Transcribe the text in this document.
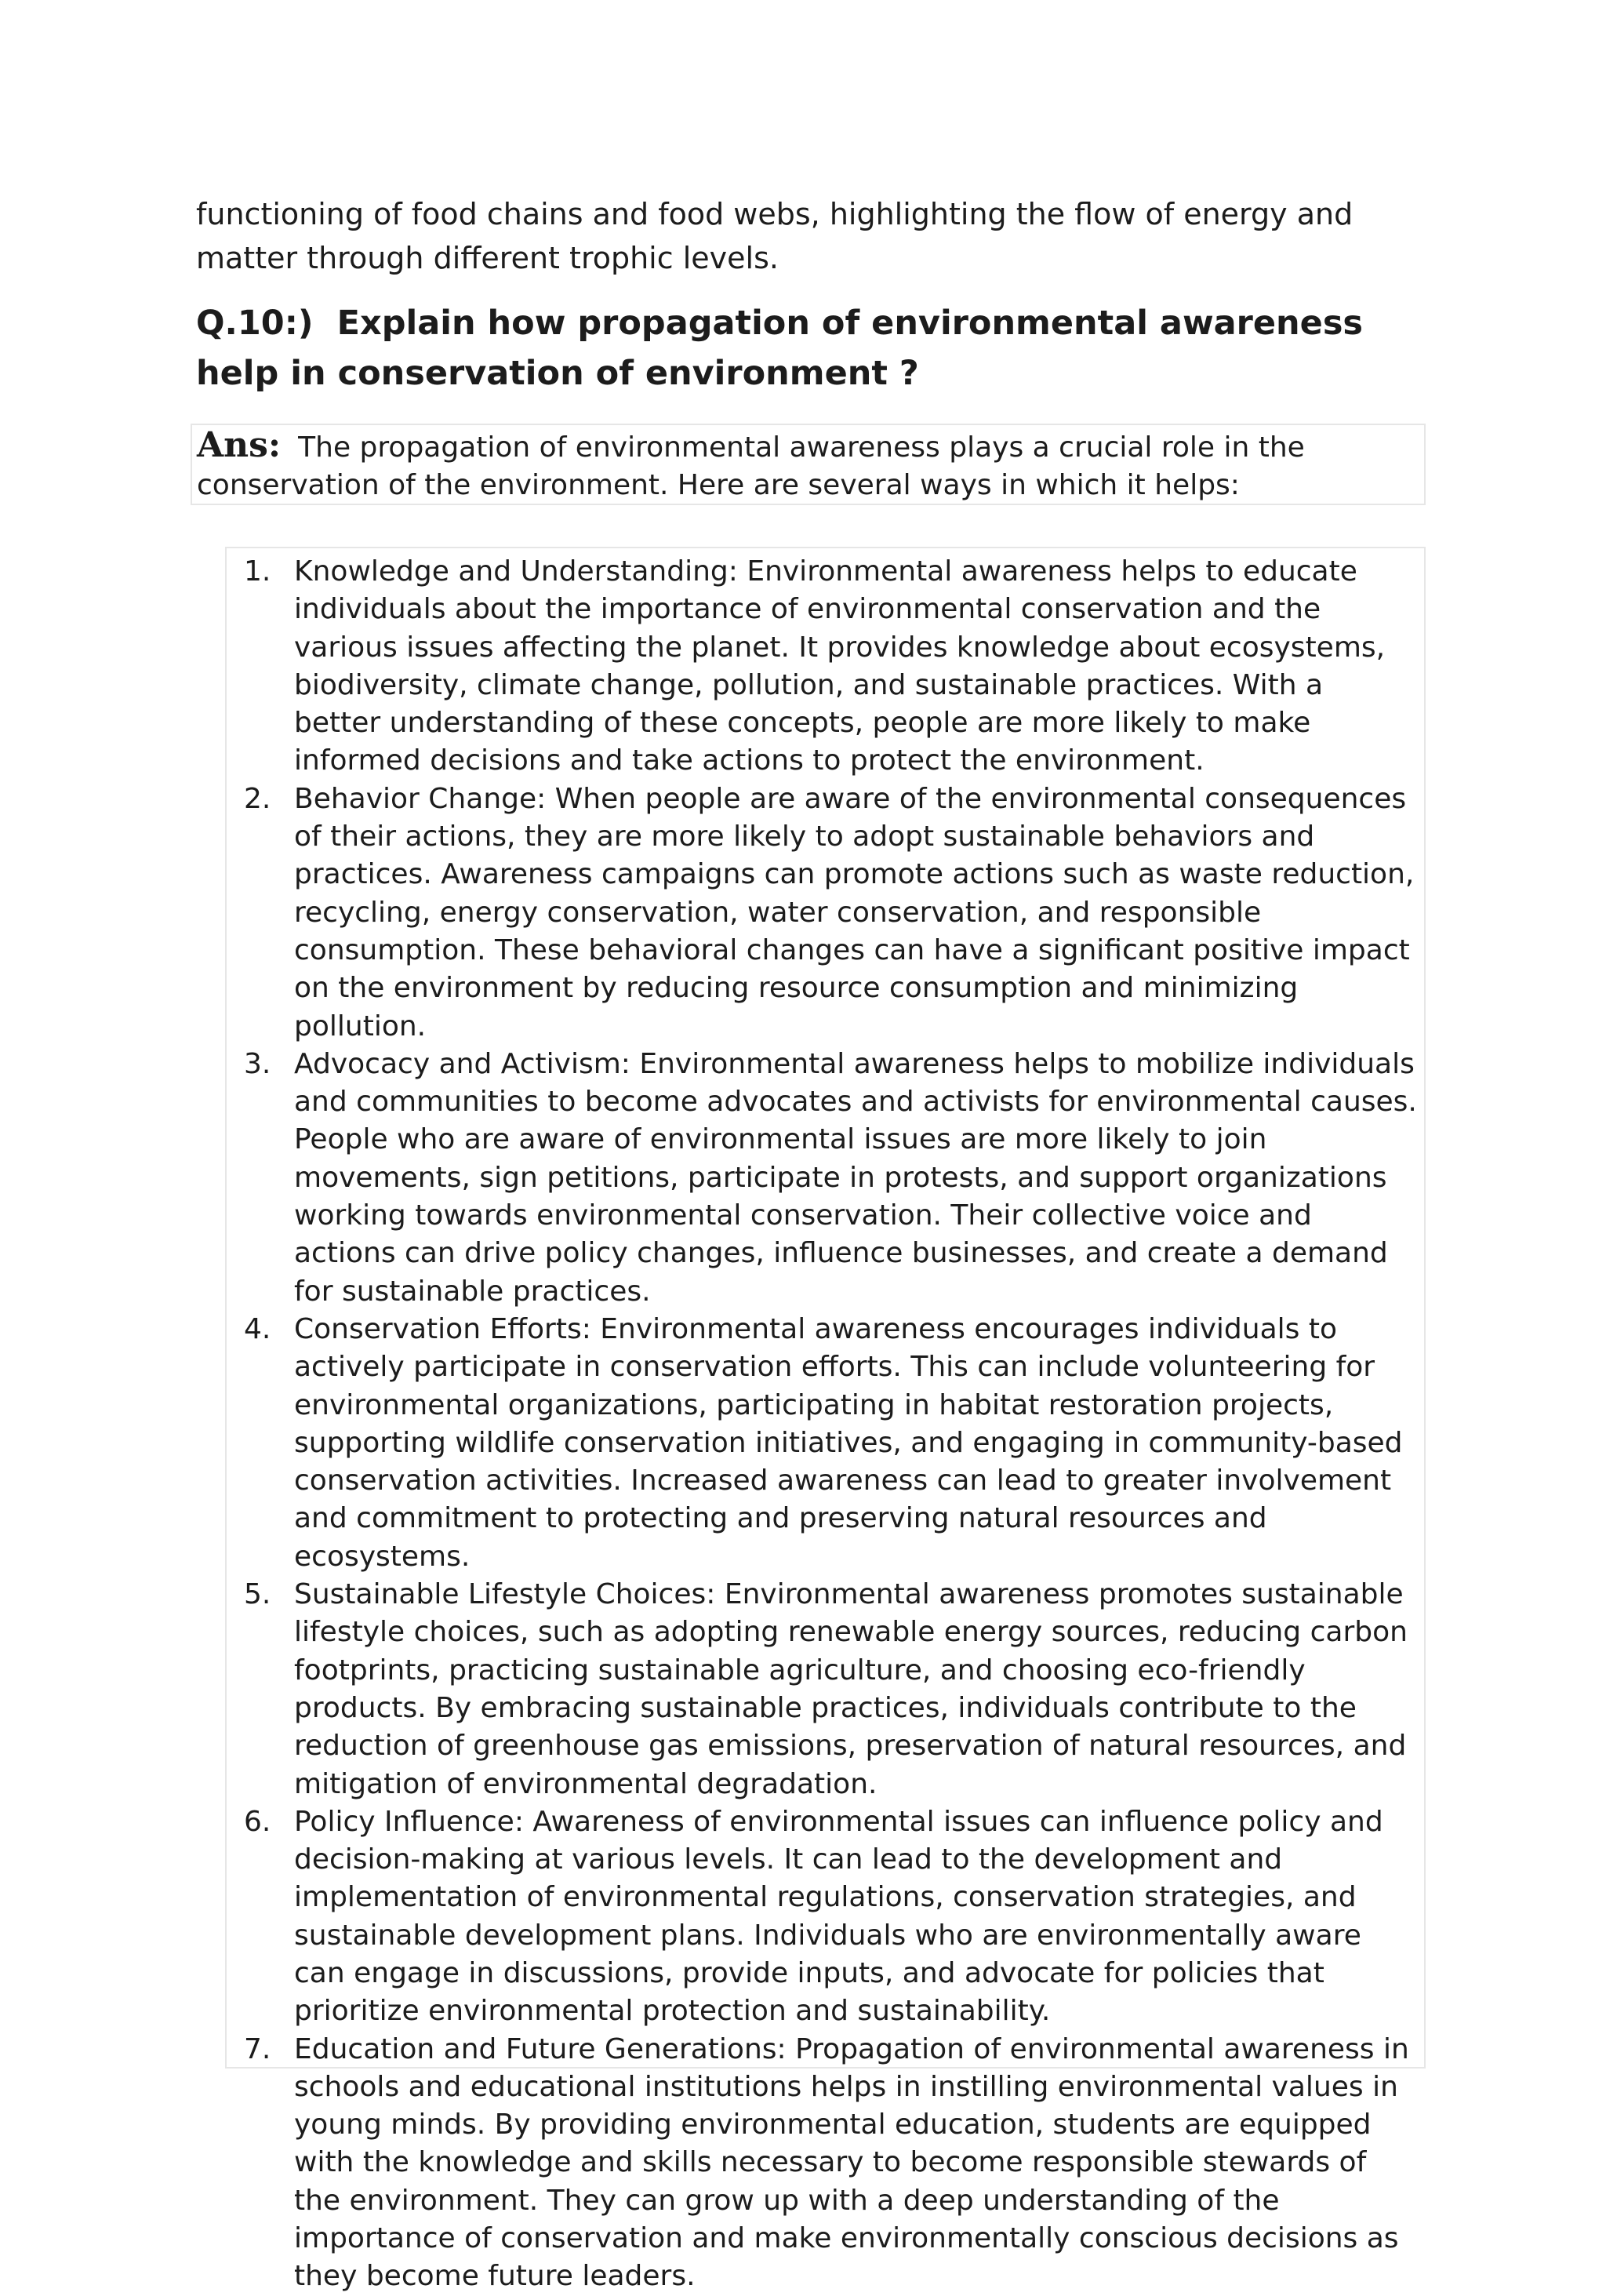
functioning of food chains and food webs, highlighting the flow of energy and matter through different trophic levels.

Q.10:) Explain how propagation of environmental awareness help in conservation of environment ?
Ans: The propagation of environmental awareness plays a crucial role in the conservation of the environment. Here are several ways in which it helps:
1. Knowledge and Understanding: Environmental awareness helps to educate individuals about the importance of environmental conservation and the various issues affecting the planet. It provides knowledge about ecosystems, biodiversity, climate change, pollution, and sustainable practices. With a better understanding of these concepts, people are more likely to make informed decisions and take actions to protect the environment.
2. Behavior Change: When people are aware of the environmental consequences of their actions, they are more likely to adopt sustainable behaviors and practices. Awareness campaigns can promote actions such as waste reduction, recycling, energy conservation, water conservation, and responsible consumption. These behavioral changes can have a significant positive impact on the environment by reducing resource consumption and minimizing pollution.
3. Advocacy and Activism: Environmental awareness helps to mobilize individuals and communities to become advocates and activists for environmental causes. People who are aware of environmental issues are more likely to join movements, sign petitions, participate in protests, and support organizations working towards environmental conservation. Their collective voice and actions can drive policy changes, influence businesses, and create a demand for sustainable practices.
4. Conservation Efforts: Environmental awareness encourages individuals to actively participate in conservation efforts. This can include volunteering for environmental organizations, participating in habitat restoration projects, supporting wildlife conservation initiatives, and engaging in community-based conservation activities. Increased awareness can lead to greater involvement and commitment to protecting and preserving natural resources and ecosystems.
5. Sustainable Lifestyle Choices: Environmental awareness promotes sustainable lifestyle choices, such as adopting renewable energy sources, reducing carbon footprints, practicing sustainable agriculture, and choosing eco-friendly products. By embracing sustainable practices, individuals contribute to the reduction of greenhouse gas emissions, preservation of natural resources, and mitigation of environmental degradation.
6. Policy Influence: Awareness of environmental issues can influence policy and decision-making at various levels. It can lead to the development and implementation of environmental regulations, conservation strategies, and sustainable development plans. Individuals who are environmentally aware can engage in discussions, provide inputs, and advocate for policies that prioritize environmental protection and sustainability.
7. Education and Future Generations: Propagation of environmental awareness in schools and educational institutions helps in instilling environmental values in young minds. By providing environmental education, students are equipped with the knowledge and skills necessary to become responsible stewards of the environment. They can grow up with a deep understanding of the importance of conservation and make environmentally conscious decisions as they become future leaders.
